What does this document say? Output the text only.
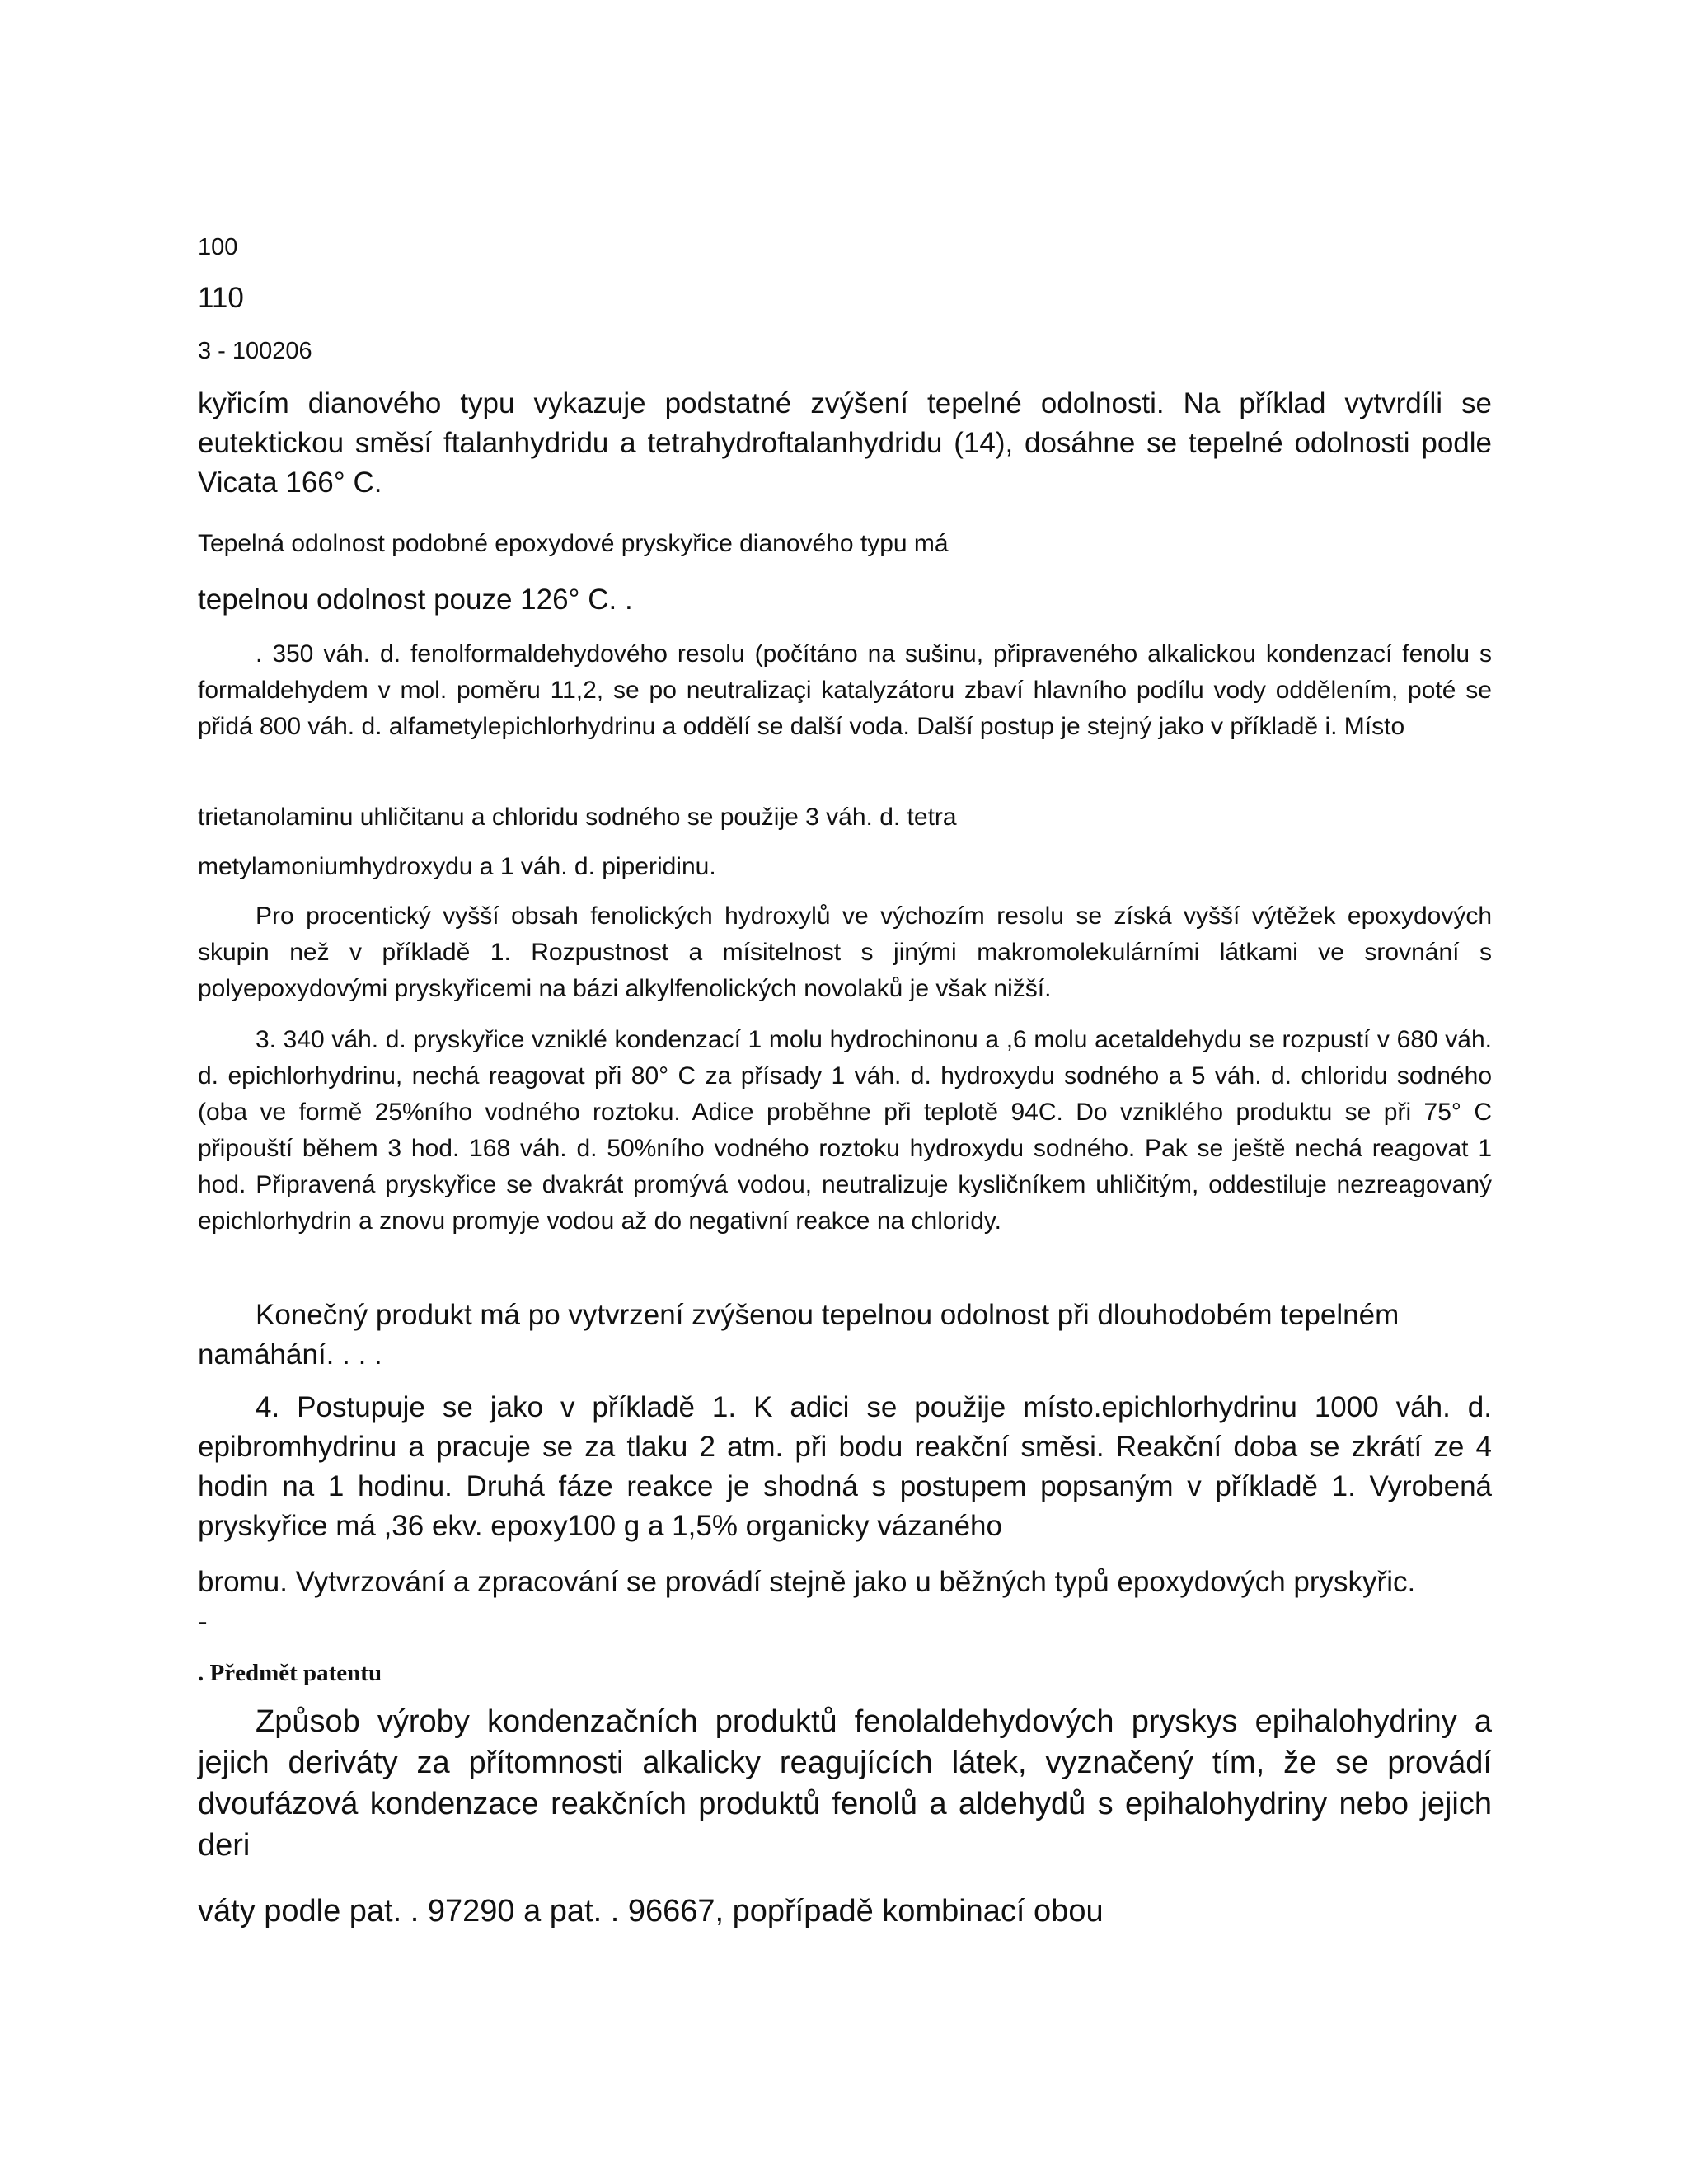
100

110

3 - 100206

kyřicím dianového typu vykazuje podstatné zvýšení tepelné odolnosti. Na příklad vytvrdíli se eutektickou směsí ftalanhydridu a tetrahydroftalanhydridu (14), dosáhne se tepelné odolnosti podle Vicata 166° C.

Tepelná odolnost podobné epoxydové pryskyřice dianového typu má

tepelnou odolnost pouze 126° C. .

. 350 váh. d. fenolformaldehydového resolu (počítáno na sušinu, připraveného alkalickou kondenzací fenolu s formaldehydem v mol. poměru 11,2, se po neutralizaçi katalyzátoru zbaví hlavního podílu vody oddělením, poté se přidá 800 váh. d. alfametylepichlorhydrinu a oddělí se další voda. Další postup je stejný jako v příkladě i. Místo

trietanolaminu uhličitanu a chloridu sodného se použije 3 váh. d. tetra

metylamoniumhydroxydu a 1 váh. d. piperidinu.

Pro procentický vyšší obsah fenolických hydroxylů ve výchozím resolu se získá vyšší výtěžek epoxydových skupin než v příkladě 1. Rozpustnost a mísitelnost s jinými makromolekulárními látkami ve srovnání s polyepoxydovými pryskyřicemi na bázi alkylfenolických novolaků je však nižší.

3. 340 váh. d. pryskyřice vzniklé kondenzací 1 molu hydrochinonu a ,6 molu acetaldehydu se rozpustí v 680 váh. d. epichlorhydrinu, nechá reagovat při 80° C za přísady 1 váh. d. hydroxydu sodného a 5 váh. d. chloridu sodného (oba ve formě 25%ního vodného roztoku. Adice proběhne při teplotě 94C. Do vzniklého produktu se při 75° C připouští během 3 hod. 168 váh. d. 50%ního vodného roztoku hydroxydu sodného. Pak se ještě nechá reagovat 1 hod. Připravená pryskyřice se dvakrát promývá vodou, neutralizuje kysličníkem uhličitým, oddestiluje nezreagovaný epichlorhydrin a znovu promyje vodou až do negativní reakce na chloridy.

Konečný produkt má po vytvrzení zvýšenou tepelnou odolnost při dlouhodobém tepelném namáhání. . . .

4. Postupuje se jako v příkladě 1. K adici se použije místo.epichlorhydrinu 1000 váh. d. epibromhydrinu a pracuje se za tlaku 2 atm. při bodu reakční směsi. Reakční doba se zkrátí ze 4 hodin na 1 hodinu. Druhá fáze reakce je shodná s postupem popsaným v příkladě 1. Vyrobená pryskyřice má ,36 ekv. epoxy100 g a 1,5% organicky vázaného

bromu. Vytvrzování a zpracování se provádí stejně jako u běžných typů epoxydových pryskyřic.

-

. Předmět patentu

Způsob výroby kondenzačních produktů fenolaldehydových pryskys epihalohydriny a jejich deriváty za přítomnosti alkalicky reagujících látek, vyznačený tím, že se provádí dvoufázová kondenzace reakčních produktů fenolů a aldehydů s epihalohydriny nebo jejich deri

váty podle pat. . 97290 a pat. . 96667, popřípadě kombinací obou
